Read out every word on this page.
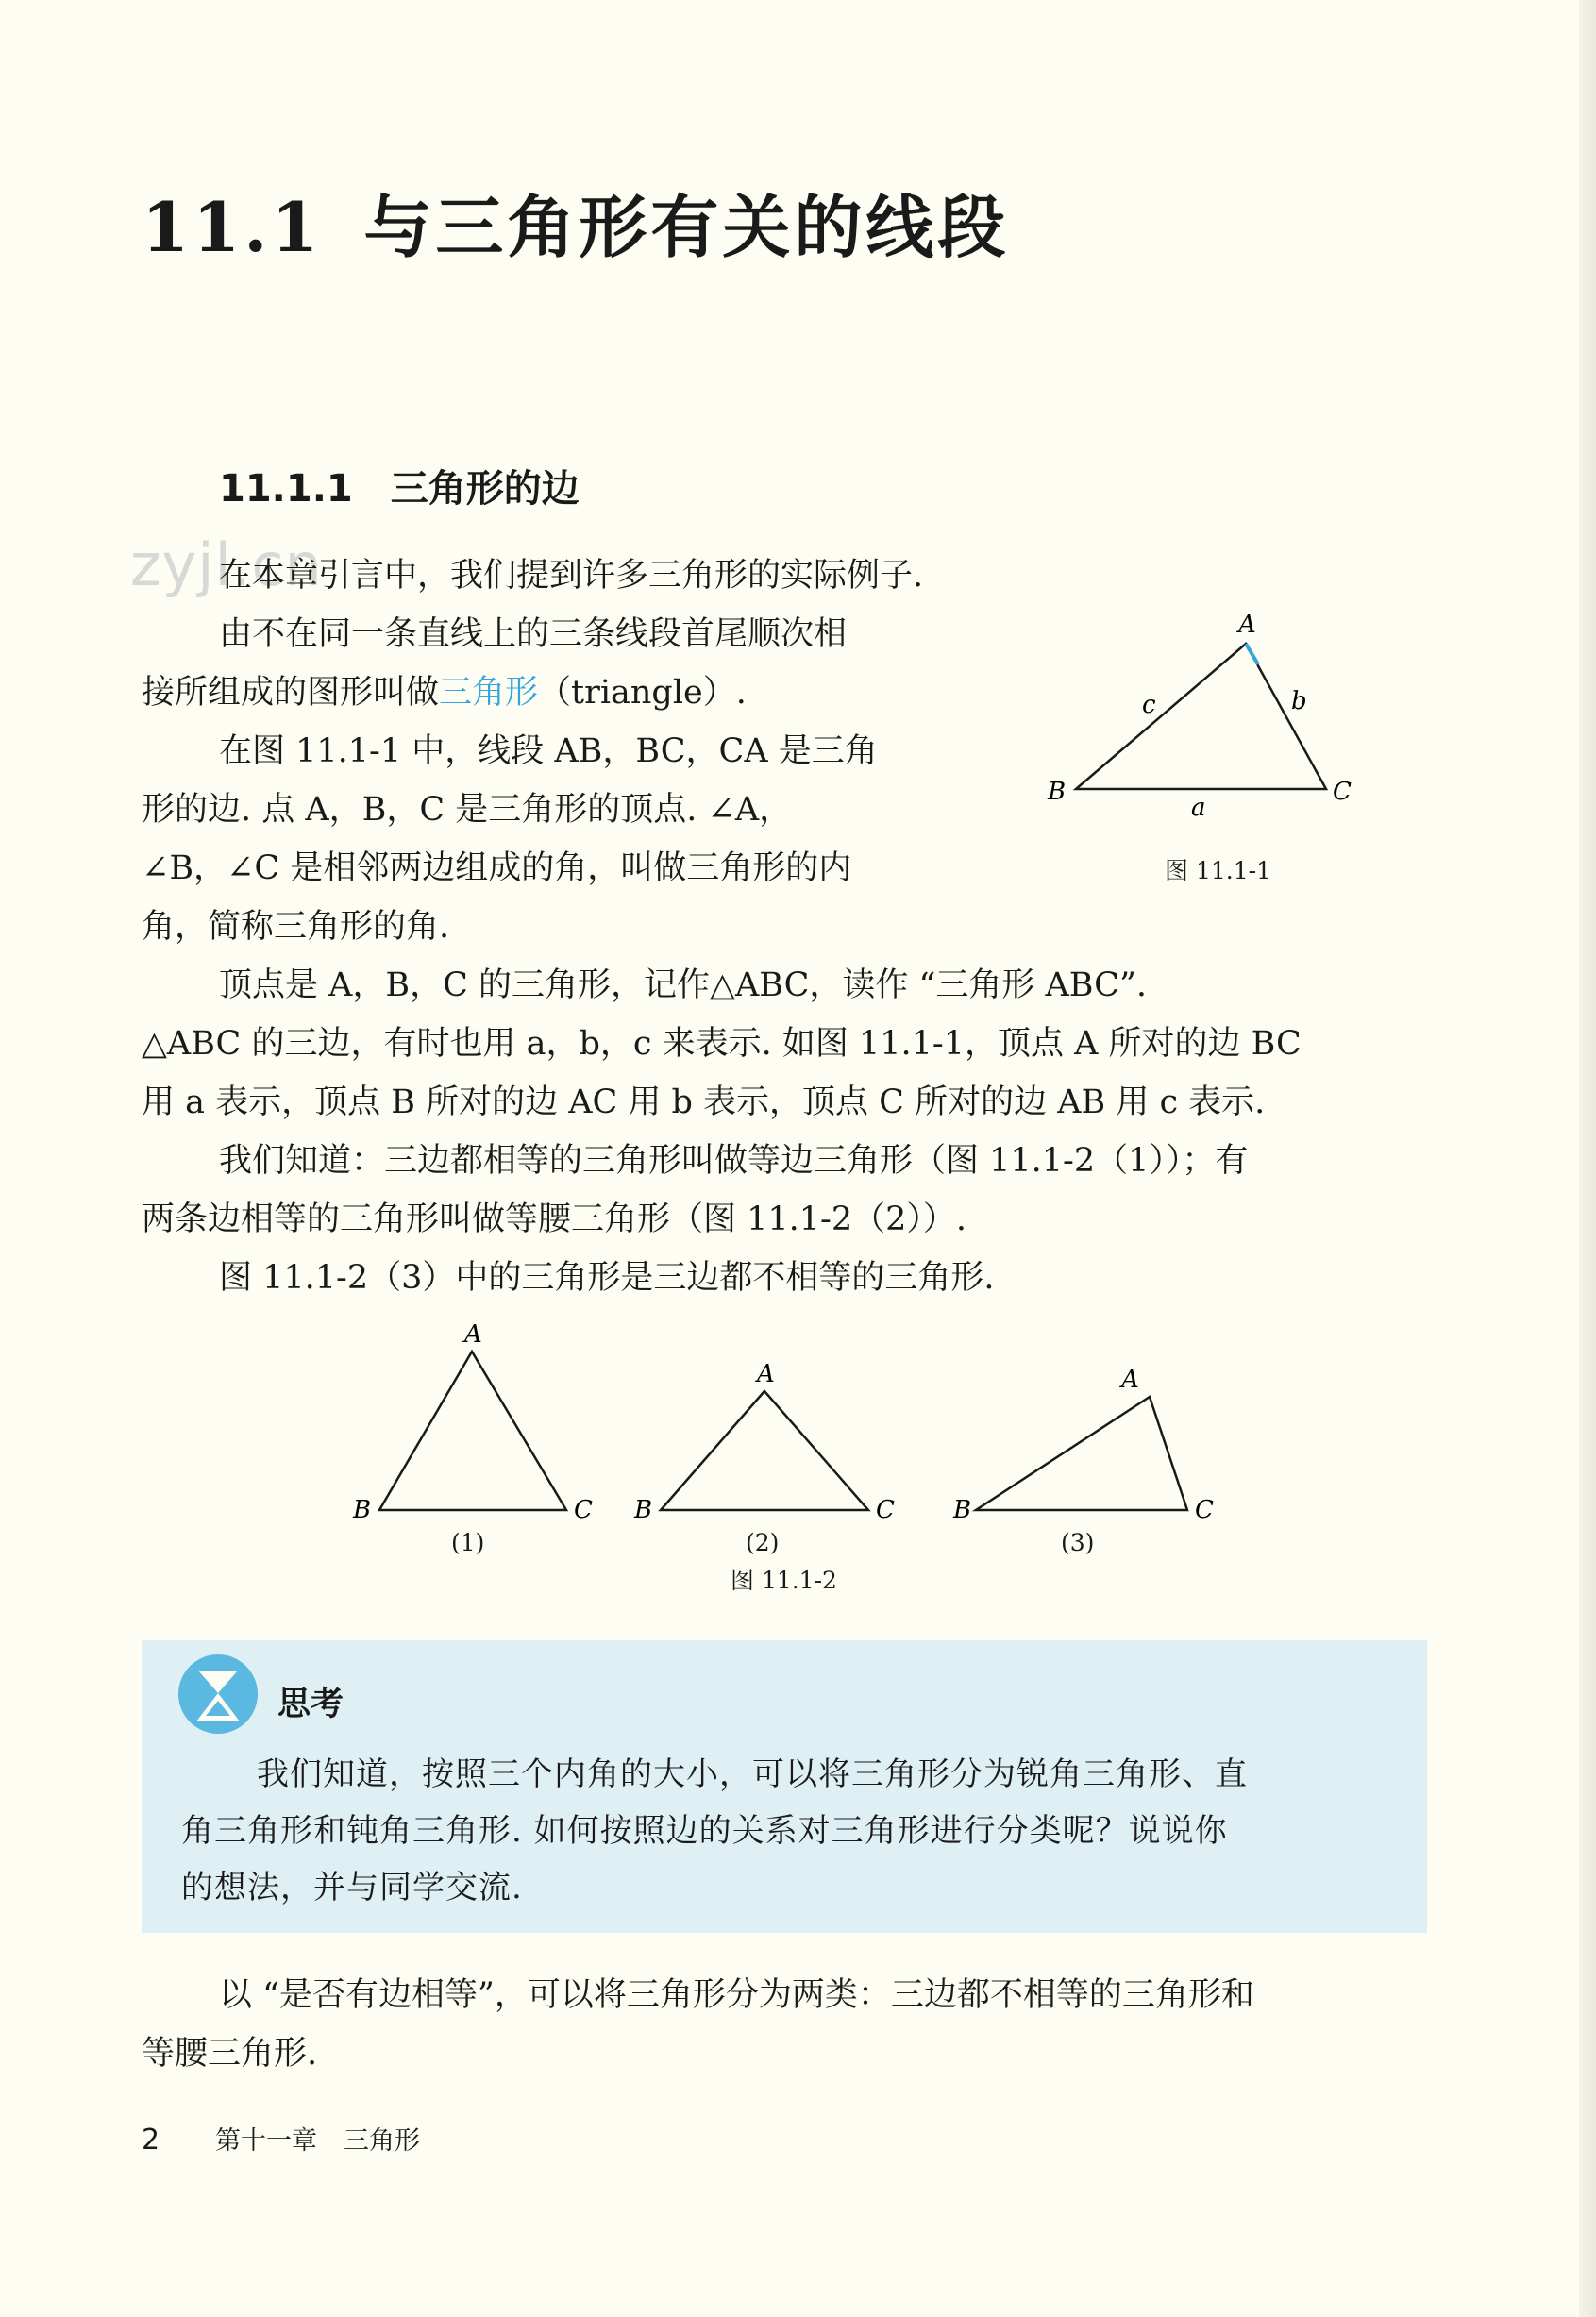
zyjl.cn
11.1 与三角形有关的线段
11.1.1 三角形的边
在本章引言中，我们提到许多三角形的实际例子.
由不在同一条直线上的三条线段首尾顺次相
接所组成的图形叫做三角形（triangle）.
在图 11.1-1 中，线段 AB，BC，CA 是三角
形的边. 点 A，B，C 是三角形的顶点. ∠A，
∠B，∠C 是相邻两边组成的角，叫做三角形的内
角，简称三角形的角.
顶点是 A，B，C 的三角形，记作△ABC，读作 “三角形 ABC”.
△ABC 的三边，有时也用 a，b，c 来表示. 如图 11.1-1，顶点 A 所对的边 BC
用 a 表示，顶点 B 所对的边 AC 用 b 表示，顶点 C 所对的边 AB 用 c 表示.
我们知道：三边都相等的三角形叫做等边三角形（图 11.1-2（1））；有
两条边相等的三角形叫做等腰三角形（图 11.1-2（2））.
图 11.1-2（3）中的三角形是三边都不相等的三角形.
A
B	C
c	b
a
图 11.1-1
A
B	C
(1)
A
B	C
(2)
A
B	C
(3)
图 11.1-2
思考
我们知道，按照三个内角的大小，可以将三角形分为锐角三角形、直
角三角形和钝角三角形. 如何按照边的关系对三角形进行分类呢？说说你
的想法，并与同学交流.
以 “是否有边相等”，可以将三角形分为两类：三边都不相等的三角形和
等腰三角形.
2 第十一章 三角形
